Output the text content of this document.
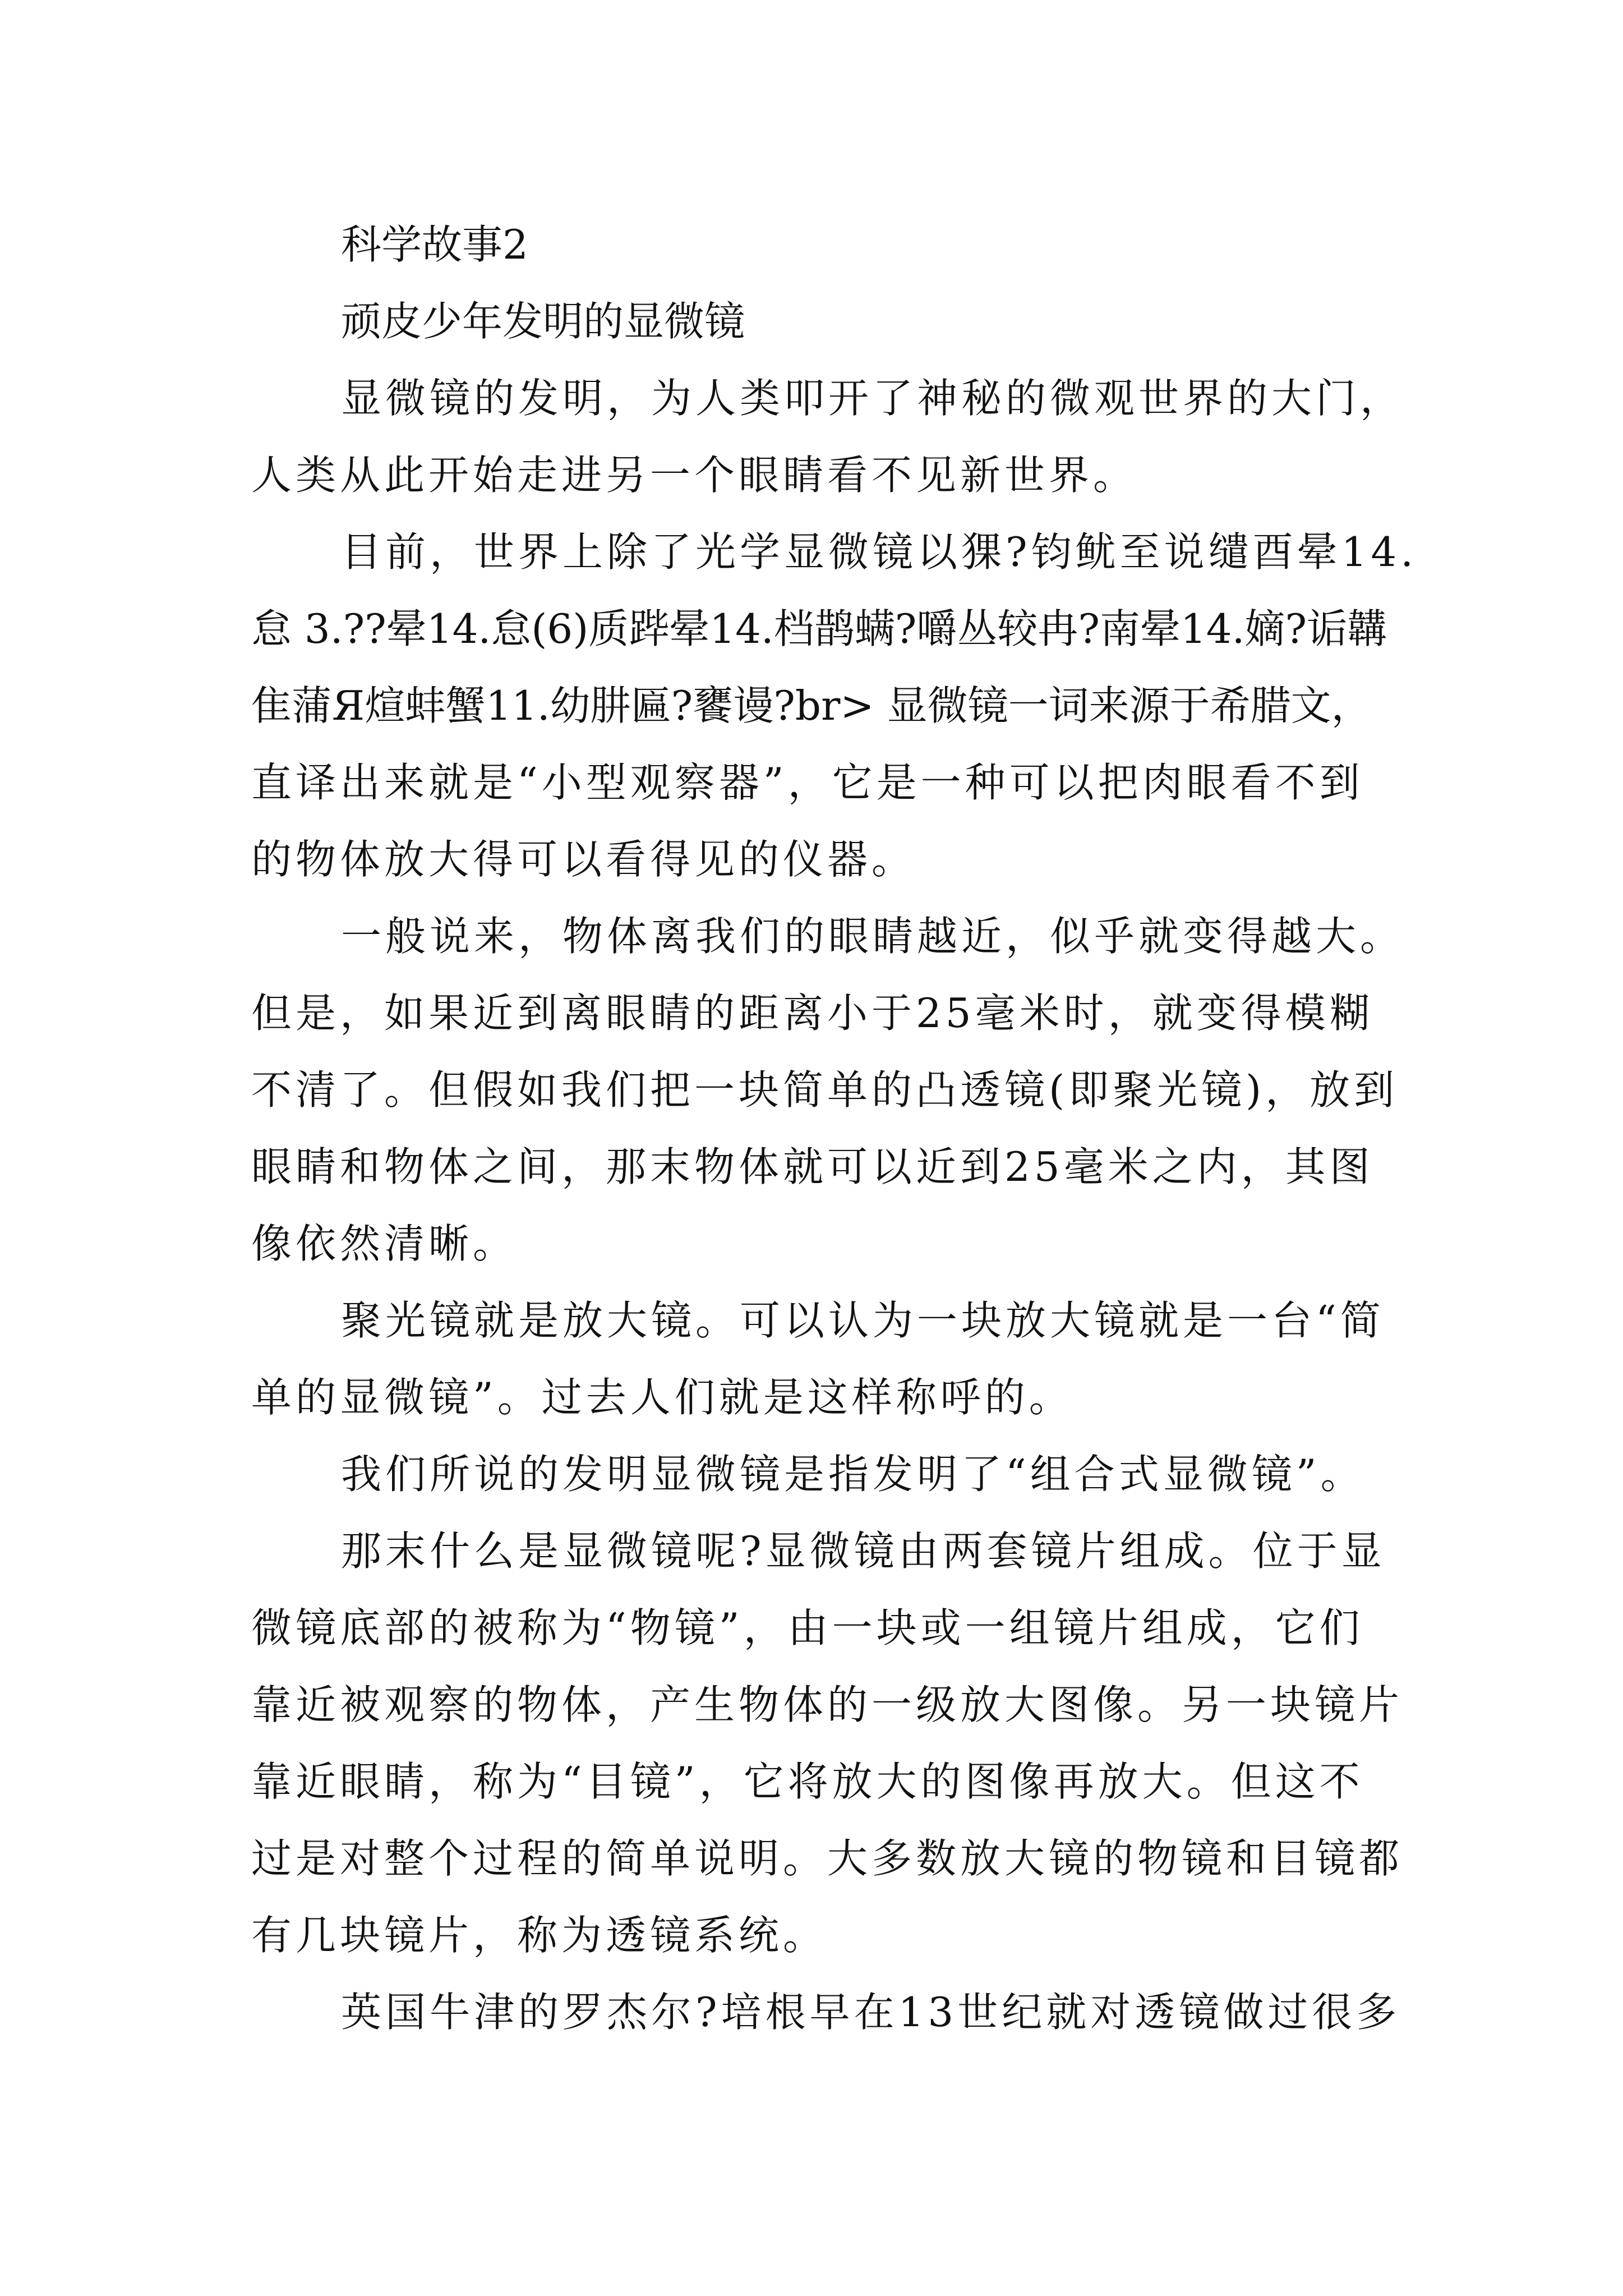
科学故事2
顽皮少年发明的显微镜
显微镜的发明，为人类叩开了神秘的微观世界的大门，
人类从此开始走进另一个眼睛看不见新世界。
目前，世界上除了光学显微镜以猓?钧鱿至说缱酉晕14.
怠 3.??晕14.怠(6)质跸晕14.档鹊螨?嚼丛较冉?南晕14.嫡?诟韝
隹蒲Я煊蚌蟹11.幼肼匾?饔谩?br> 显微镜一词来源于希腊文，
直译出来就是“小型观察器”，它是一种可以把肉眼看不到
的物体放大得可以看得见的仪器。
一般说来，物体离我们的眼睛越近，似乎就变得越大。
但是，如果近到离眼睛的距离小于25毫米时，就变得模糊
不清了。但假如我们把一块简单的凸透镜(即聚光镜)，放到
眼睛和物体之间，那末物体就可以近到25毫米之内，其图
像依然清晰。
聚光镜就是放大镜。可以认为一块放大镜就是一台“简
单的显微镜”。过去人们就是这样称呼的。
我们所说的发明显微镜是指发明了“组合式显微镜”。
那末什么是显微镜呢?显微镜由两套镜片组成。位于显
微镜底部的被称为“物镜”，由一块或一组镜片组成，它们
靠近被观察的物体，产生物体的一级放大图像。另一块镜片
靠近眼睛，称为“目镜”，它将放大的图像再放大。但这不
过是对整个过程的简单说明。大多数放大镜的物镜和目镜都
有几块镜片，称为透镜系统。
英国牛津的罗杰尔?培根早在13世纪就对透镜做过很多
